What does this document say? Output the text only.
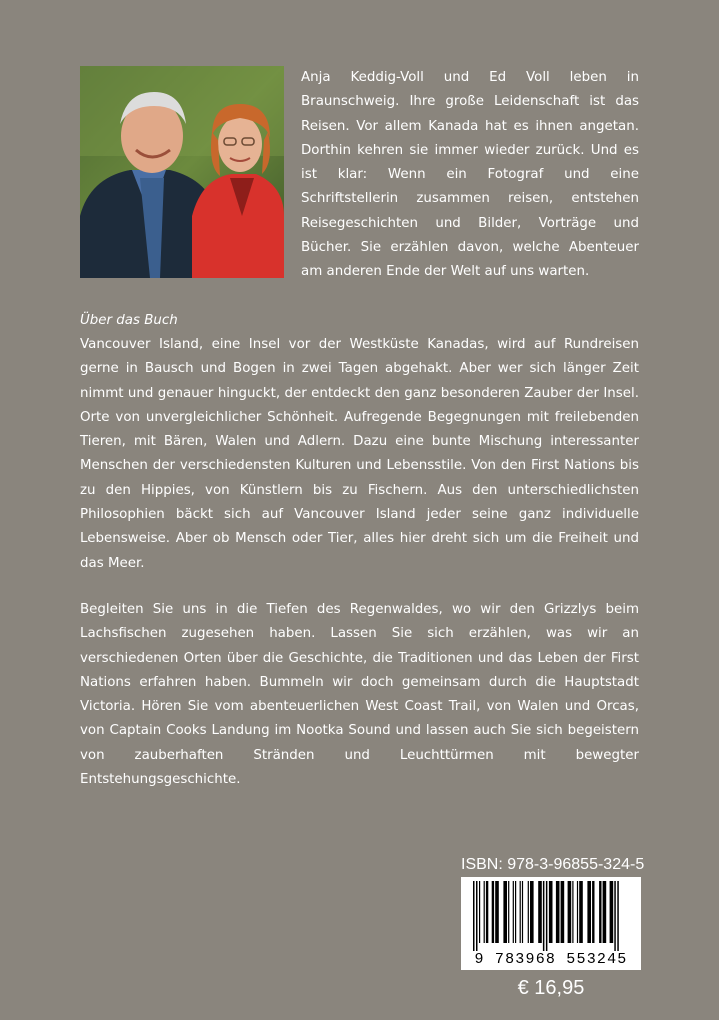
Anja Keddig-Voll und Ed Voll leben in Braunschweig. Ihre große Leidenschaft ist das Reisen. Vor allem Kanada hat es ihnen angetan. Dorthin kehren sie immer wieder zurück. Und es ist klar: Wenn ein Fotograf und eine Schriftstellerin zusammen reisen, entstehen Reisegeschichten und Bilder, Vorträge und Bücher. Sie erzählen davon, welche Abenteuer am anderen Ende der Welt auf uns warten.

Über das Buch

Vancouver Island, eine Insel vor der Westküste Kanadas, wird auf Rundreisen gerne in Bausch und Bogen in zwei Tagen abgehakt. Aber wer sich länger Zeit nimmt und genauer hinguckt, der entdeckt den ganz besonderen Zauber der Insel. Orte von unvergleichlicher Schönheit. Aufregende Begegnungen mit freilebenden Tieren, mit Bären, Walen und Adlern. Dazu eine bunte Mischung interessanter Menschen der verschiedensten Kulturen und Lebensstile. Von den First Nations bis zu den Hippies, von Künstlern bis zu Fischern. Aus den unterschiedlichsten Philosophien bäckt sich auf Vancouver Island jeder seine ganz individuelle Lebensweise. Aber ob Mensch oder Tier, alles hier dreht sich um die Freiheit und das Meer.

Begleiten Sie uns in die Tiefen des Regenwaldes, wo wir den Grizzlys beim Lachsfischen zugesehen haben. Lassen Sie sich erzählen, was wir an verschiedenen Orten über die Geschichte, die Traditionen und das Leben der First Nations erfahren haben. Bummeln wir doch gemeinsam durch die Hauptstadt Victoria. Hören Sie vom abenteuerlichen West Coast Trail, von Walen und Orcas, von Captain Cooks Landung im Nootka Sound und lassen auch Sie sich begeistern von zauberhaften Stränden und Leuchttürmen mit bewegter Entstehungsgeschichte.

ISBN: 978-3-96855-324-5
9 783968 553245
€ 16,95
